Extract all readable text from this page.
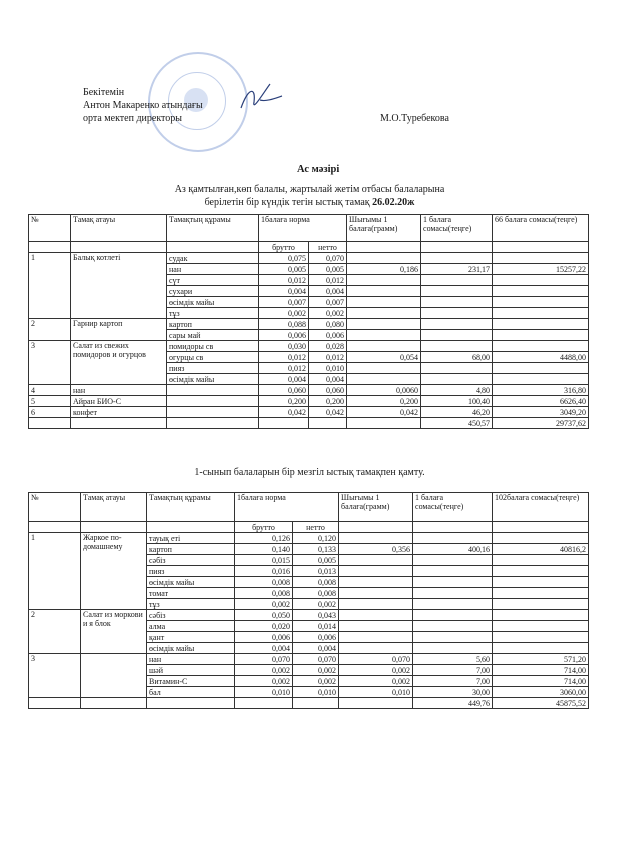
Бекітемін
Антон Макаренко атындағы
орта мектеп директоры	М.О.Туребекова
Ас мәзірі
Аз қамтылған,көп балалы, жартылай жетім отбасы балаларына
берілетін бір күндік тегін ыстық тамақ 26.02.20ж
№	Тамақ атауы	Тамақтың құрамы	1балаға норма		Шығымы 1 балаға(грамм)	1 балаға сомасы(теңге)	66 балаға сомасы(теңге)
			брутто	нетто			
1	Балық котлеті	судак	0,075	0,070			
		нан	0,005	0,005	0,186	231,17	15257,22
		сүт	0,012	0,012			
		сухари	0,004	0,004			
		өсімдік майы	0,007	0,007			
		тұз	0,002	0,002			
2	Гарнир картоп	картоп	0,088	0,080			
		сары май	0,006	0,006			
3	Салат из свежих помидоров и огурцов	помидоры св	0,030	0,028			
		огурцы св	0,012	0,012	0,054	68,00	4488,00
		пияз	0,012	0,010			
		өсімдік майы	0,004	0,004			
4	нан		0,060	0,060	0,0060	4,80	316,80
5	Айран БИО-С		0,200	0,200	0,200	100,40	6626,40
6	конфет		0,042	0,042	0,042	46,20	3049,20
						450,57	29737,62
1-сынып балаларын бір мезгіл ыстық тамақпен қамту.
№	Тамақ атауы	Тамақтың құрамы	1балаға норма		Шығымы 1 балаға(грамм)	1 балаға сомасы(теңге)	102балаға сомасы(теңге)
			брутто	нетто			
1	Жаркое по-домашнему	тауық еті	0,126	0,120			
		картоп	0,140	0,133	0,356	400,16	40816,2
		сәбіз	0,015	0,005			
		пияз	0,016	0,013			
		өсімдік майы	0,008	0,008			
		томат	0,008	0,008			
		тұз	0,002	0,002			
2	Салат из моркови и я блок	сәбіз	0,050	0,043			
		алма	0,020	0,014			
		қант	0,006	0,006			
		өсімдік майы	0,004	0,004			
3		нан	0,070	0,070	0,070	5,60	571,20
		шәй	0,002	0,002	0,002	7,00	714,00
		Витамин-С	0,002	0,002	0,002	7,00	714,00
		бал	0,010	0,010	0,010	30,00	3060,00
						449,76	45875,52
